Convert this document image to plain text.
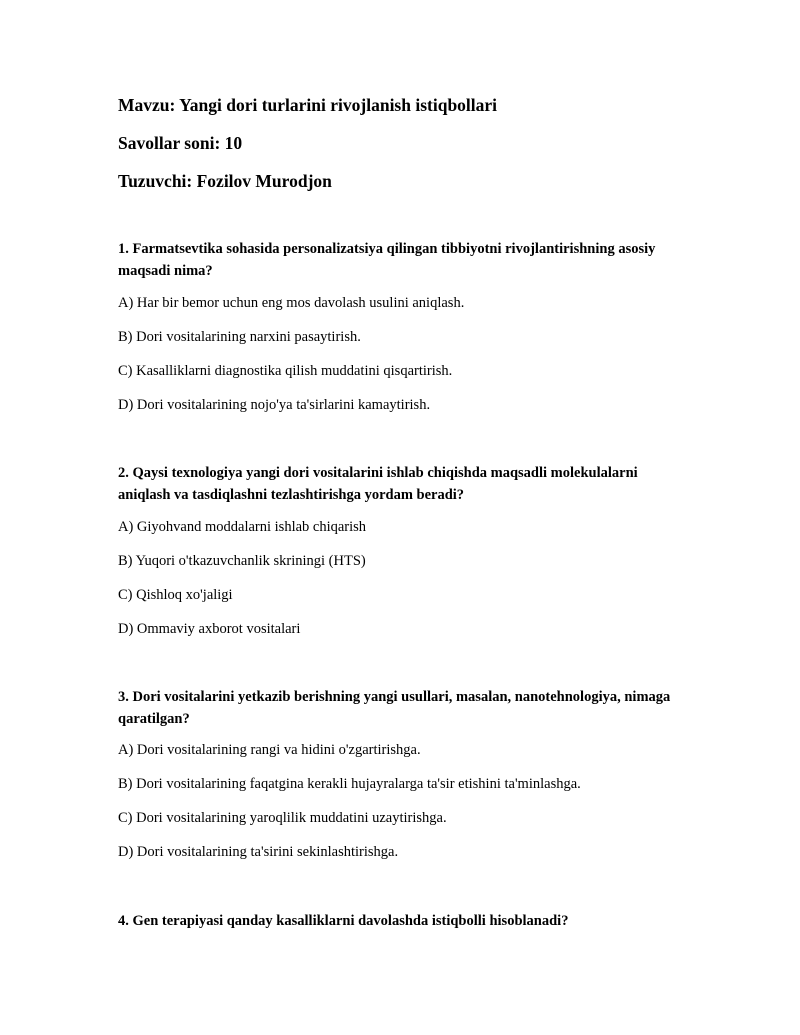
Mavzu: Yangi dori turlarini rivojlanish istiqbollari
Savollar soni: 10
Tuzuvchi: Fozilov Murodjon

1. Farmatsevtika sohasida personalizatsiya qilingan tibbiyotni rivojlantirishning asosiy maqsadi nima?

A) Har bir bemor uchun eng mos davolash usulini aniqlash.

B) Dori vositalarining narxini pasaytirish.

C) Kasalliklarni diagnostika qilish muddatini qisqartirish.

D) Dori vositalarining nojo'ya ta'sirlarini kamaytirish.

2. Qaysi texnologiya yangi dori vositalarini ishlab chiqishda maqsadli molekulalarni aniqlash va tasdiqlashni tezlashtirishga yordam beradi?

A) Giyohvand moddalarni ishlab chiqarish

B) Yuqori o'tkazuvchanlik skriningi (HTS)

C) Qishloq xo'jaligi

D) Ommaviy axborot vositalari

3. Dori vositalarini yetkazib berishning yangi usullari, masalan, nanotehnologiya, nimaga qaratilgan?

A) Dori vositalarining rangi va hidini o'zgartirishga.

B) Dori vositalarining faqatgina kerakli hujayralarga ta'sir etishini ta'minlashga.

C) Dori vositalarining yaroqlilik muddatini uzaytirishga.

D) Dori vositalarining ta'sirini sekinlashtirishga.

4. Gen terapiyasi qanday kasalliklarni davolashda istiqbolli hisoblanadi?
